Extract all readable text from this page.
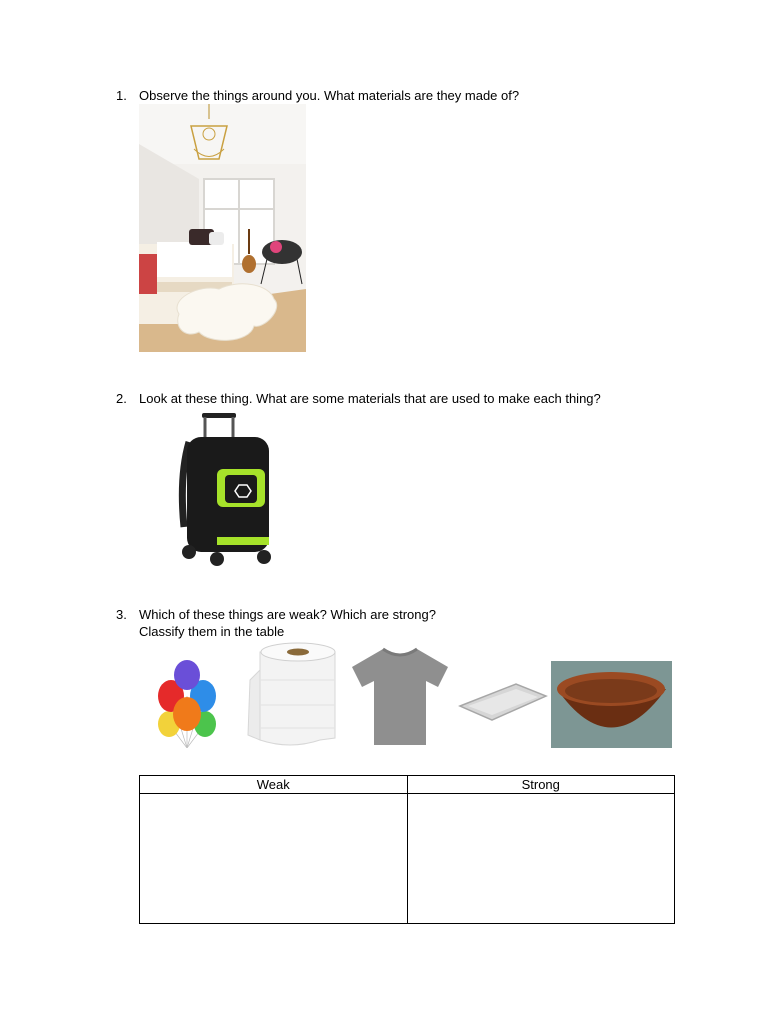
1. Observe the things around you. What materials are they made of?
2. Look at these thing. What are some materials that are used to make each thing?
3. Which of these things are weak? Which are strong?
Classify them in the table
Weak	Strong
